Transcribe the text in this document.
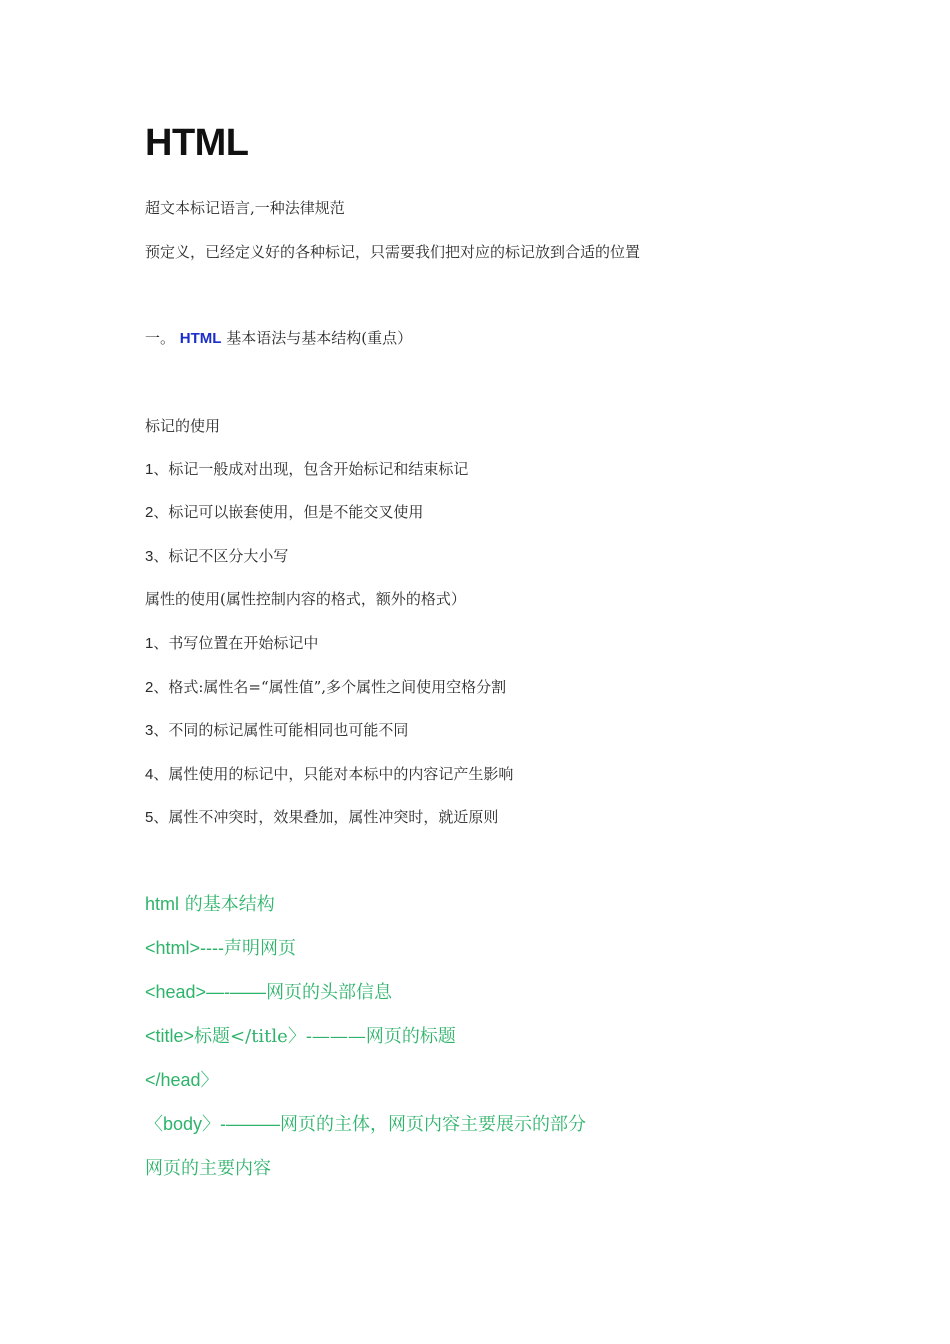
HTML

超文本标记语言,一种法律规范

预定义，已经定义好的各种标记，只需要我们把对应的标记放到合适的位置

一。 HTML 基本语法与基本结构(重点）

标记的使用

1、标记一般成对出现，包含开始标记和结束标记

2、标记可以嵌套使用，但是不能交叉使用

3、标记不区分大小写

属性的使用(属性控制内容的格式，额外的格式）

1、书写位置在开始标记中

2、格式:属性名=“属性值”,多个属性之间使用空格分割

3、不同的标记属性可能相同也可能不同

4、属性使用的标记中，只能对本标中的内容记产生影响

5、属性不冲突时，效果叠加，属性冲突时，就近原则

html 的基本结构

<html>----声明网页

<head>—-——网页的头部信息

<title>标题</title〉-———网页的标题

</head〉

〈body〉-———网页的主体，网页内容主要展示的部分

网页的主要内容
